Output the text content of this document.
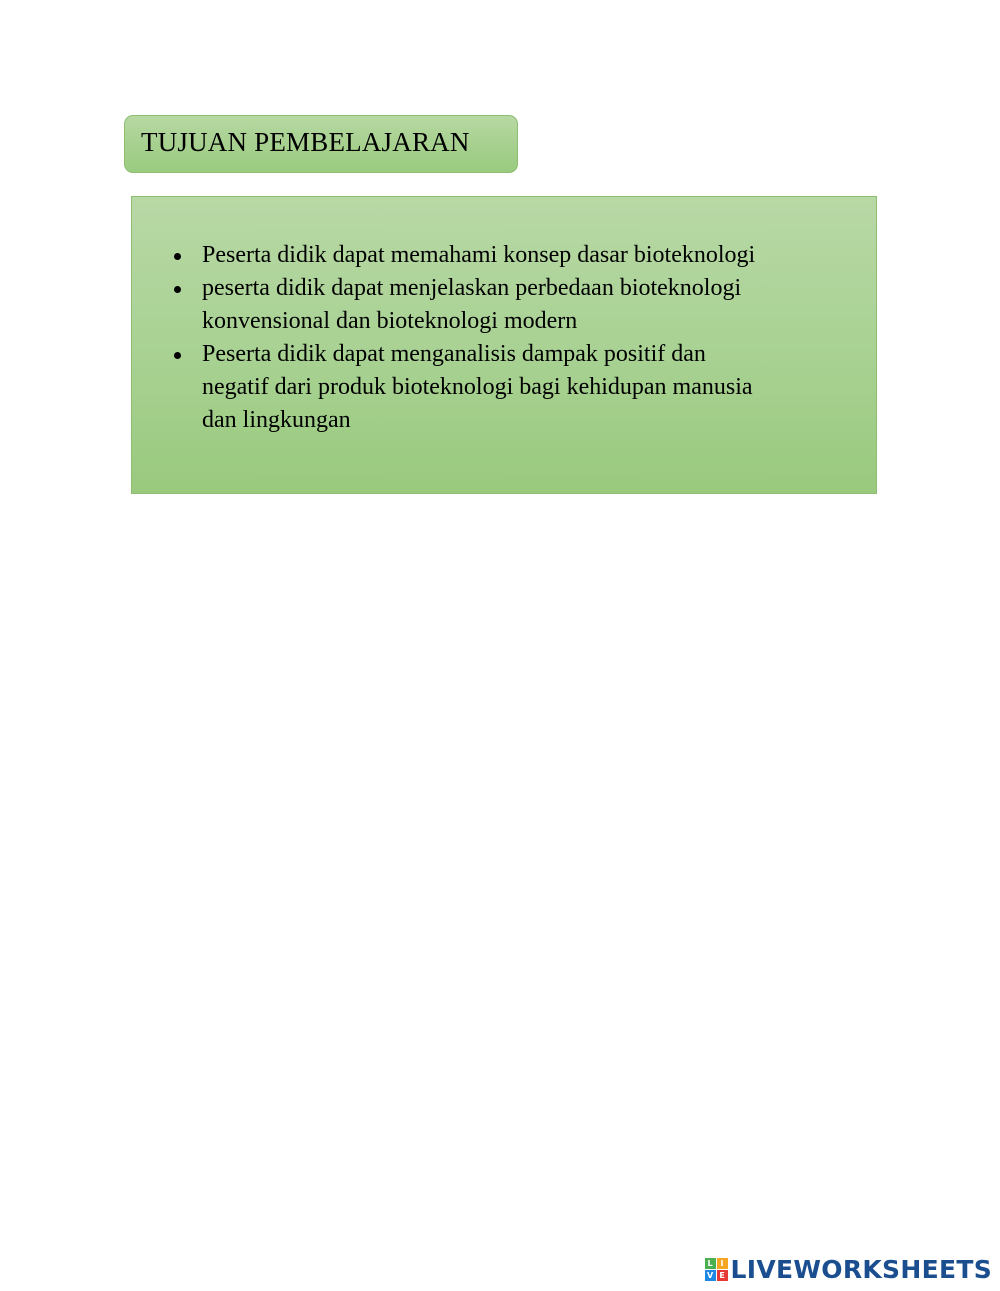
TUJUAN PEMBELAJARAN
Peserta didik dapat memahami konsep dasar bioteknologi
peserta didik dapat menjelaskan perbedaan bioteknologi konvensional dan bioteknologi modern
Peserta didik dapat menganalisis dampak positif dan negatif dari produk bioteknologi bagi kehidupan manusia dan lingkungan
L I
V E LIVEWORKSHEETS
